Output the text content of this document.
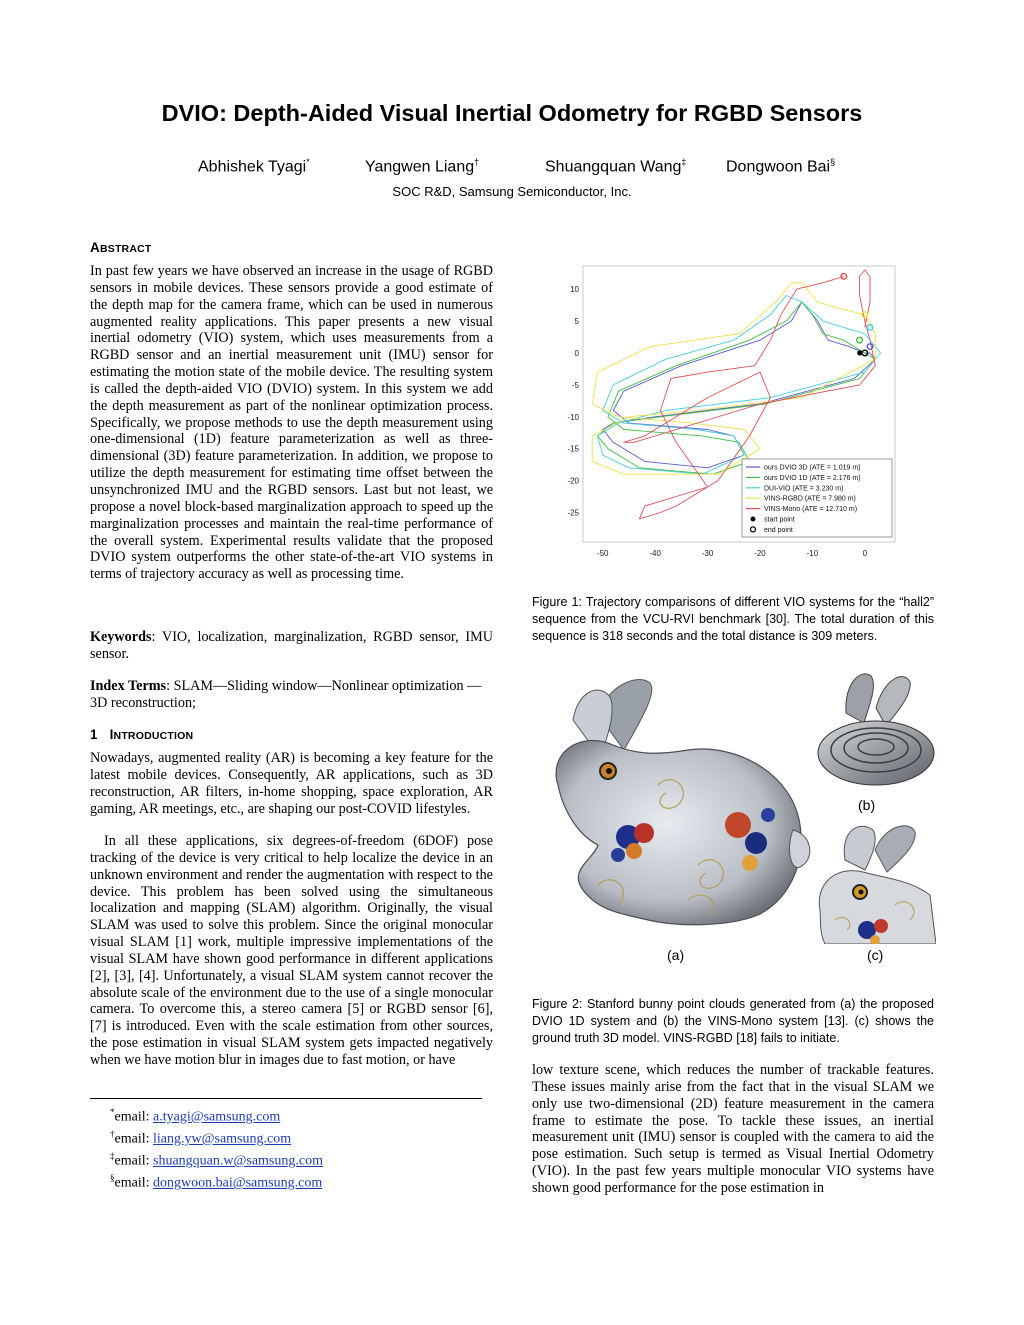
DVIO: Depth-Aided Visual Inertial Odometry for RGBD Sensors
Abhishek Tyagi*	Yangwen Liang†	Shuangquan Wang‡ Dongwoon Bai§
SOC R&D, Samsung Semiconductor, Inc.
ABSTRACT
In past few years we have observed an increase in the usage of RGBD sensors in mobile devices. These sensors provide a good estimate of the depth map for the camera frame, which can be used in numerous augmented reality applications. This paper presents a new visual inertial odometry (VIO) system, which uses measurements from a RGBD sensor and an inertial measurement unit (IMU) sensor for estimating the motion state of the mobile device. The resulting system is called the depth-aided VIO (DVIO) system. In this system we add the depth measurement as part of the nonlinear optimization process. Specifically, we propose methods to use the depth measurement using one-dimensional (1D) feature parameterization as well as three-dimensional (3D) feature parameterization. In addition, we propose to utilize the depth measurement for estimating time offset between the unsynchronized IMU and the RGBD sensors. Last but not least, we propose a novel block-based marginalization approach to speed up the marginalization processes and maintain the real-time performance of the overall system. Experimental results validate that the proposed DVIO system outperforms the other state-of-the-art VIO systems in terms of trajectory accuracy as well as processing time.
Keywords: VIO, localization, marginalization, RGBD sensor, IMU sensor.
Index Terms: SLAM—Sliding window—Nonlinear optimization —3D reconstruction;
1 INTRODUCTION
Nowadays, augmented reality (AR) is becoming a key feature for the latest mobile devices. Consequently, AR applications, such as 3D reconstruction, AR filters, in-home shopping, space exploration, AR gaming, AR meetings, etc., are shaping our post-COVID lifestyles.
In all these applications, six degrees-of-freedom (6DOF) pose tracking of the device is very critical to help localize the device in an unknown environment and render the augmentation with respect to the device. This problem has been solved using the simultaneous localization and mapping (SLAM) algorithm. Originally, the visual SLAM was used to solve this problem. Since the original monocular visual SLAM [1] work, multiple impressive implementations of the visual SLAM have shown good performance in different applications [2], [3], [4]. Unfortunately, a visual SLAM system cannot recover the absolute scale of the environment due to the use of a single monocular camera. To overcome this, a stereo camera [5] or RGBD sensor [6], [7] is introduced. Even with the scale estimation from other sources, the pose estimation in visual SLAM system gets impacted negatively when we have motion blur in images due to fast motion, or have
*email: a.tyagi@samsung.com
†email: liang.yw@samsung.com
‡email: shuangquan.w@samsung.com
§email: dongwoon.bai@samsung.com
10
5
0
-5
-10
-15
-20
-25
-50	-40	-30	-20	-10	0
ours DVIO 3D (ATE = 1.019 m)
ours DVIO 1D (ATE = 2.176 m)
DUI-VIO (ATE = 3.230 m)
VINS-RGBD (ATE = 7.980 m)
VINS-Mono (ATE = 12.710 m)
start point
end point
Figure 1: Trajectory comparisons of different VIO systems for the “hall2” sequence from the VCU-RVI benchmark [30]. The total duration of this sequence is 318 seconds and the total distance is 309 meters.
(a)
(b)
(c)
Figure 2: Stanford bunny point clouds generated from (a) the proposed DVIO 1D system and (b) the VINS-Mono system [13]. (c) shows the ground truth 3D model. VINS-RGBD [18] fails to initiate.
low texture scene, which reduces the number of trackable features. These issues mainly arise from the fact that in the visual SLAM we only use two-dimensional (2D) feature measurement in the camera frame to estimate the pose. To tackle these issues, an inertial measurement unit (IMU) sensor is coupled with the camera to aid the pose estimation. Such setup is termed as Visual Inertial Odometry (VIO). In the past few years multiple monocular VIO systems have shown good performance for the pose estimation in
